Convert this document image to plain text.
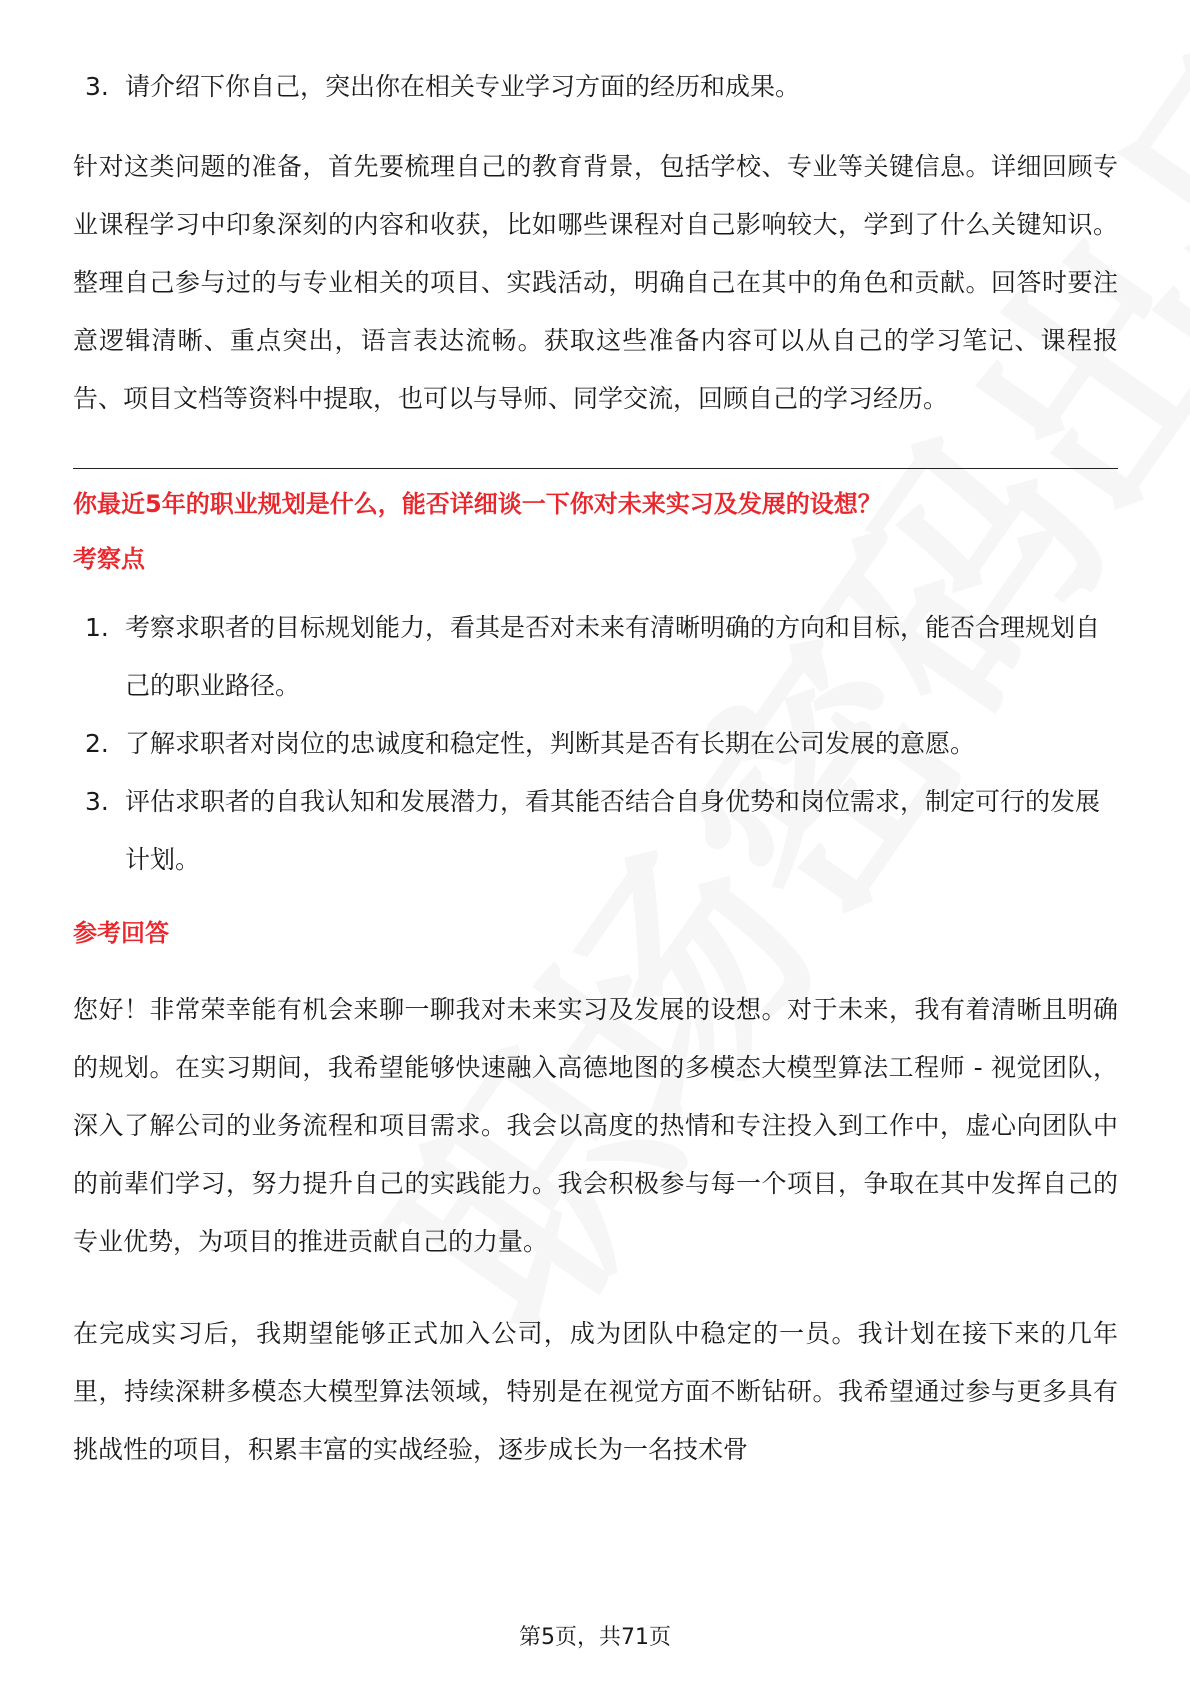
3. 请介绍下你自己，突出你在相关专业学习方面的经历和成果。

针对这类问题的准备，首先要梳理自己的教育背景，包括学校、专业等关键信息。详细回顾专业课程学习中印象深刻的内容和收获，比如哪些课程对自己影响较大，学到了什么关键知识。整理自己参与过的与专业相关的项目、实践活动，明确自己在其中的角色和贡献。回答时要注意逻辑清晰、重点突出，语言表达流畅。获取这些准备内容可以从自己的学习笔记、课程报告、项目文档等资料中提取，也可以与导师、同学交流，回顾自己的学习经历。

你最近5年的职业规划是什么，能否详细谈一下你对未来实习及发展的设想？

考察点

1. 考察求职者的目标规划能力，看其是否对未来有清晰明确的方向和目标，能否合理规划自己的职业路径。
2. 了解求职者对岗位的忠诚度和稳定性，判断其是否有长期在公司发展的意愿。
3. 评估求职者的自我认知和发展潜力，看其能否结合自身优势和岗位需求，制定可行的发展计划。

参考回答

您好！非常荣幸能有机会来聊一聊我对未来实习及发展的设想。对于未来，我有着清晰且明确的规划。在实习期间，我希望能够快速融入高德地图的多模态大模型算法工程师 - 视觉团队，深入了解公司的业务流程和项目需求。我会以高度的热情和专注投入到工作中，虚心向团队中的前辈们学习，努力提升自己的实践能力。我会积极参与每一个项目，争取在其中发挥自己的专业优势，为项目的推进贡献自己的力量。

在完成实习后，我期望能够正式加入公司，成为团队中稳定的一员。我计划在接下来的几年里，持续深耕多模态大模型算法领域，特别是在视觉方面不断钻研。我希望通过参与更多具有挑战性的项目，积累丰富的实战经验，逐步成长为一名技术骨

第5页，共71页
